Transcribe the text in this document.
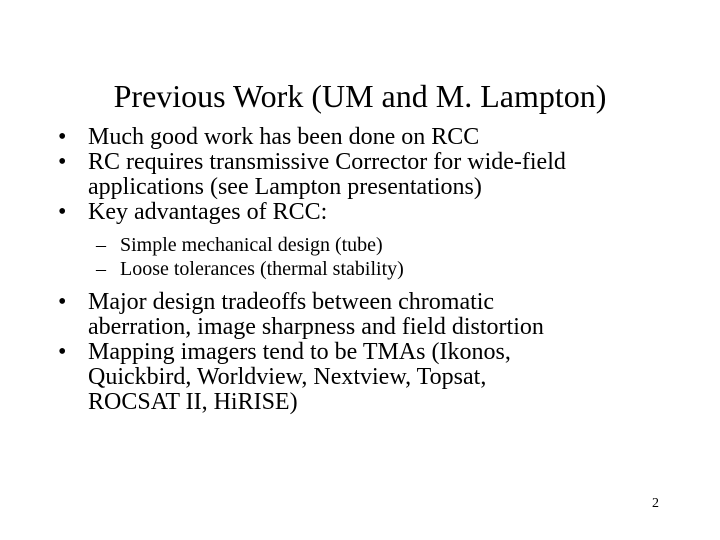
Previous Work (UM and M. Lampton)
• Much good work has been done on RCC
• RC requires transmissive Corrector for wide-field
applications (see Lampton presentations)
• Key advantages of RCC:
– Simple mechanical design (tube)
– Loose tolerances (thermal stability)
• Major design tradeoffs between chromatic
aberration, image sharpness and field distortion
• Mapping imagers tend to be TMAs (Ikonos,
Quickbird, Worldview, Nextview, Topsat,
ROCSAT II, HiRISE)
2
